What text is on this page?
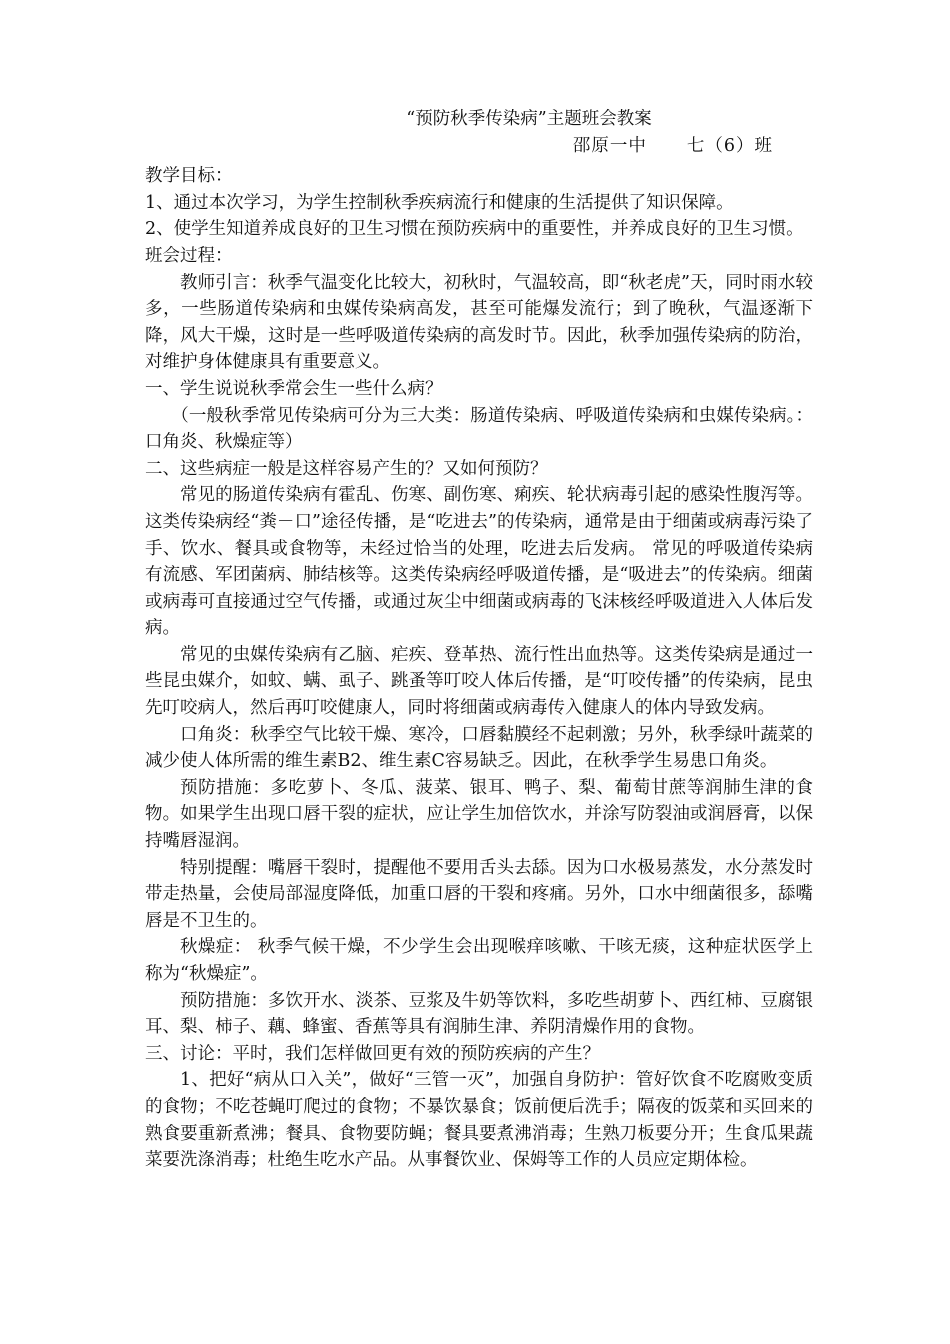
“预防秋季传染病”主题班会教案
邵原一中 七（6）班

教学目标：

1、通过本次学习，为学生控制秋季疾病流行和健康的生活提供了知识保障。

2、使学生知道养成良好的卫生习惯在预防疾病中的重要性，并养成良好的卫生习惯。

班会过程：

教师引言：秋季气温变化比较大，初秋时，气温较高，即“秋老虎”天，同时雨水较多，一些肠道传染病和虫媒传染病高发，甚至可能爆发流行；到了晚秋，气温逐渐下降，风大干燥，这时是一些呼吸道传染病的高发时节。因此，秋季加强传染病的防治，对维护身体健康具有重要意义。

一、学生说说秋季常会生一些什么病？

（一般秋季常见传染病可分为三大类：肠道传染病、呼吸道传染病和虫媒传染病。：口角炎、秋燥症等）

二、这些病症一般是这样容易产生的？又如何预防？

常见的肠道传染病有霍乱、伤寒、副伤寒、痢疾、轮状病毒引起的感染性腹泻等。这类传染病经“粪－口”途径传播，是“吃进去”的传染病，通常是由于细菌或病毒污染了手、饮水、餐具或食物等，未经过恰当的处理，吃进去后发病。 常见的呼吸道传染病有流感、军团菌病、肺结核等。这类传染病经呼吸道传播，是“吸进去”的传染病。细菌或病毒可直接通过空气传播，或通过灰尘中细菌或病毒的飞沫核经呼吸道进入人体后发病。

常见的虫媒传染病有乙脑、疟疾、登革热、流行性出血热等。这类传染病是通过一些昆虫媒介，如蚊、螨、虱子、跳蚤等叮咬人体后传播，是“叮咬传播”的传染病，昆虫先叮咬病人，然后再叮咬健康人，同时将细菌或病毒传入健康人的体内导致发病。

口角炎：秋季空气比较干燥、寒冷，口唇黏膜经不起刺激；另外，秋季绿叶蔬菜的减少使人体所需的维生素B2、维生素C容易缺乏。因此，在秋季学生易患口角炎。

预防措施：多吃萝卜、冬瓜、菠菜、银耳、鸭子、梨、葡萄甘蔗等润肺生津的食物。如果学生出现口唇干裂的症状，应让学生加倍饮水，并涂写防裂油或润唇膏，以保持嘴唇湿润。

特别提醒：嘴唇干裂时，提醒他不要用舌头去舔。因为口水极易蒸发，水分蒸发时带走热量，会使局部湿度降低，加重口唇的干裂和疼痛。另外，口水中细菌很多，舔嘴唇是不卫生的。

秋燥症： 秋季气候干燥，不少学生会出现喉痒咳嗽、干咳无痰，这种症状医学上称为“秋燥症”。

预防措施：多饮开水、淡茶、豆浆及牛奶等饮料，多吃些胡萝卜、西红柿、豆腐银耳、梨、柿子、藕、蜂蜜、香蕉等具有润肺生津、养阴清燥作用的食物。

三、讨论：平时，我们怎样做回更有效的预防疾病的产生？

1、把好“病从口入关”，做好“三管一灭”，加强自身防护：管好饮食不吃腐败变质的食物；不吃苍蝇叮爬过的食物；不暴饮暴食；饭前便后洗手；隔夜的饭菜和买回来的熟食要重新煮沸；餐具、食物要防蝇；餐具要煮沸消毒；生熟刀板要分开；生食瓜果蔬菜要洗涤消毒；杜绝生吃水产品。从事餐饮业、保姆等工作的人员应定期体检。
